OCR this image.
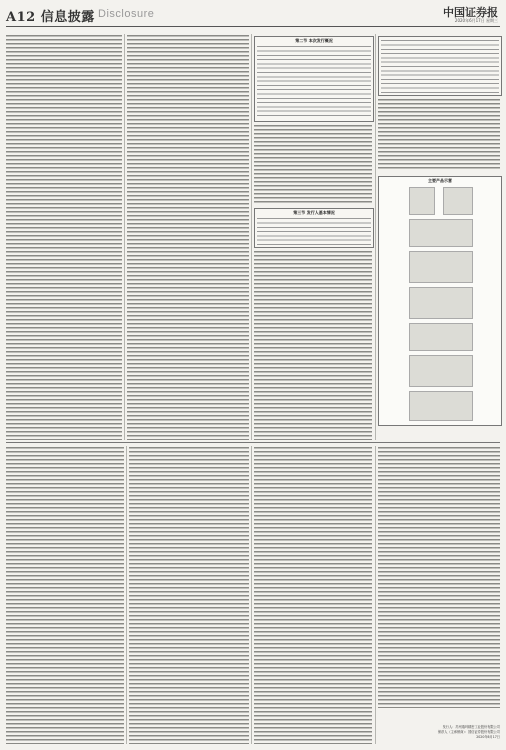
A12 信息披露 Disclosure	中国证券报
2020年6月17日 星期三
第二节 本次发行概况
第三节 发行人基本情况
主要产品示意
发行人：苏州瑞玛精密工业股份有限公司
保荐人（主承销商）：国信证券股份有限公司
2020年6月17日
